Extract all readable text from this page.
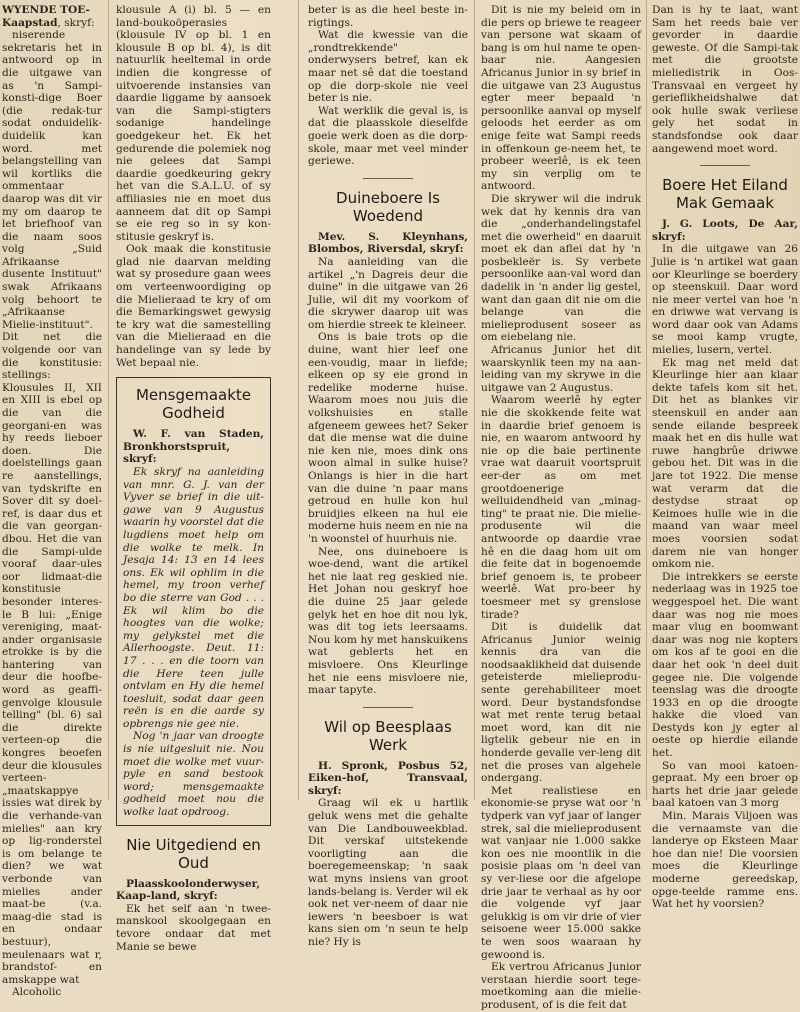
WYENDE TOE-

Kaapstad, skryf:

niserende sekretaris het in antwoord op in die uitgawe van as 'n Sampi-konsti-dige Boer (die redak-tur sodat onduidelik-duidelik kan word. met belangstelling van wil kortliks die ommentaar daarop was dit vir my om daarop te let briefhoof van die naam soos volg „Suid Afrikaanse dusente Instituut" swak Afrikaans volg behoort te „Afrikaanse Mielie-instituut". Dit net die volgende oor van die konstitusie: stellings: Klousules II, XII en XIII is ebel op die van die georgani-en was hy reeds lieboer doen. Die doelstellings gaan re aanstellings, van tydskrifte en Sover dit sy doel-ref, is daar dus et die van georgan-dbou. Het die van die Sampi-ulde vooraf daar-ules oor lidmaat-die konstitusie besonder interes-le B lui: „Enige vereniging, maat-ander organisasie etrokke is by die hantering van deur die hoofbe-word as geaffi-genvolge klousule telling" (bl. 6) sal die direkte verteen-op die kongres beoefen deur die klousules verteen-„maatskappye issies wat direk by die verhande-van mielies" aan kry op lig-ronderstel is om belange te dien? we wat verbonde van mielies ander maat-be (v.a. maag-die stad is en ondaar bestuur), meulenaars wat r, brandstof- en amskappe wat

Alcoholic

klousule A (i) bl. 5 — en land-boukoöperasies (klousule IV op bl. 1 en klousule B op bl. 4), is dit natuurlik heeltemal in orde indien die kongresse of uitvoerende instansies van daardie liggame by aansoek van die Sampi-stigters sodanige handelinge goedgekeur het. Ek het gedurende die polemiek nog nie gelees dat Sampi daardie goedkeuring gekry het van die S.A.L.U. of sy affiliasies nie en moet dus aanneem dat dit op Sampi se eie reg so in sy kon-stitusie geskryf is.

Ook maak die konstitusie glad nie daarvan melding wat sy prosedure gaan wees om verteenwoordiging op die Mielieraad te kry of om die Bemarkingswet gewysig te kry wat die samestelling van die Mielieraad en die handelinge van sy lede by Wet bepaal nie.

Mensgemaakte Godheid

W. F. van Staden, Bronkhorstspruit, skryf:

Ek skryf na aanleiding van mnr. G. J. van der Vyver se brief in die uit-gawe van 9 Augustus waarin hy voorstel dat die lugdiens moet help om die wolke te melk. In Jesaja 14: 13 en 14 lees ons. Ek wil ophlim in die hemel, my troon verhef bo die sterre van God . . . Ek wil klim bo die hoogtes van die wolke; my gelykstel met die Allerhoogste. Deut. 11: 17 . . . en die toorn van die Here teen julle ontvlam en Hy die hemel toesluit, sodat daar geen reën is en die aarde sy opbrengs nie gee nie.

Nog 'n jaar van droogte is nie uitgesluit nie. Nou moet die wolke met vuur-pyle en sand bestook word; mensgemaakte godheid moet nou die wolke laat opdroog.

Nie Uitgediend en Oud

Plaasskoolonderwyser, Kaap-land, skryf:

Ek het self aan 'n twee-manskool skoolgegaan en tevore ondaar dat met Manie se bewe

beter is as die heel beste in-rigtings.

Wat die kwessie van die „rondtrekkende" onderwysers betref, kan ek maar net sê dat die toestand op die dorp-skole nie veel beter is nie.

Wat werklik die geval is, is dat die plaasskole dieselfde goeie werk doen as die dorp-skole, maar met veel minder geriewe.

Duineboere Is Woedend

Mev. S. Kleynhans, Blombos, Riversdal, skryf:

Na aanleiding van die artikel „'n Dagreis deur die duine" in die uitgawe van 26 Julie, wil dit my voorkom of die skrywer daarop uit was om hierdie streek te kleineer.

Ons is baie trots op die duine, want hier leef one een-voudig, maar in liefde; elkeen op sy eie grond in redelike moderne huise. Waarom moes nou juis die volkshuisies en stalle afgeneem gewees het? Seker dat die mense wat die duine nie ken nie, moes dink ons woon almal in sulke huise? Onlangs is hier in die hart van die duine 'n paar mans getroud en hulle kon hul bruidjies elkeen na hul eie moderne huis neem en nie na 'n woonstel of huurhuis nie.

Nee, ons duineboere is woe-dend, want die artikel het nie laat reg geskied nie. Het Johan nou geskryf hoe die duine 25 jaar gelede gelyk het en hoe dit nou lyk, was dit tog iets leersaams. Nou kom hy met hanskuikens wat geblerts het en misvloere. Ons Kleurlinge het nie eens misvloere nie, maar tapyte.

Wil op Beesplaas Werk

H. Spronk, Posbus 52, Eiken-hof, Transvaal, skryf:

Graag wil ek u hartlik geluk wens met die gehalte van Die Landbouweekblad. Dit verskaf uitstekende voorligting aan die boeregemeenskap; 'n saak wat myns insiens van groot lands-belang is. Verder wil ek ook net ver-neem of daar nie iewers 'n beesboer is wat kans sien om 'n seun te help nie? Hy is

Dit is nie my beleid om in die pers op briewe te reageer van persone wat skaam of bang is om hul name te open-baar nie. Aangesien Africanus Junior in sy brief in die uitgawe van 23 Augustus egter meer bepaald 'n persoonlike aanval op myself geloods het eerder as om enige feite wat Sampi reeds in offenkoun ge-neem het, te probeer weerlê, is ek teen my sin verplig om te antwoord.

Die skrywer wil die indruk wek dat hy kennis dra van die „onderhandelingstafel met die owerheid" en daaruit moet ek dan aflei dat hy 'n posbekleër is. Sy verbete persoonlike aan-val word dan dadelik in 'n ander lig gestel, want dan gaan dit nie om die belange van die mielieprodusent soseer as om eiebelang nie.

Africanus Junior het dit waarskynlik teen my na aan-leiding van my skrywe in die uitgawe van 2 Augustus.

Waarom weerlê hy egter nie die skokkende feite wat in daardie brief genoem is nie, en waarom antwoord hy nie op die baie pertinente vrae wat daaruit voortspruit eer-der as om met grootdoenerige welluidendheid van „minag-ting" te praat nie. Die mielie-produsente wil die antwoorde op daardie vrae hê en die daag hom uit om die feite dat in bogenoemde brief genoem is, te probeer weerlê. Wat pro-beer hy toesmeer met sy grenslose tirade?

Dit is duidelik dat Africanus Junior weinig kennis dra van die noodsaaklikheid dat duisende geteisterde mielieprodu-sente gerehabiliteer moet word. Deur bystandsfondse wat met rente terug betaal moet word, kan dit nie ligtelik gebeur nie en in honderde gevalle ver-leng dit net die proses van algehele ondergang.

Met realistiese en ekonomie-se pryse wat oor 'n tydperk van vyf jaar of langer strek, sal die mielieprodusent wat vanjaar nie 1.000 sakke kon oes nie moontlik in die posisie plaas om 'n deel van sy ver-liese oor die afgelope drie jaar te verhaal as hy oor die volgende vyf jaar gelukkig is om vir drie of vier seisoene weer 15.000 sakke te wen soos waaraan hy gewoond is.

Ek vertrou Africanus Junior verstaan hierdie soort tege-moetkoming aan die mielie-produsent, of is die feit dat

Dan is hy te laat, want Sam het reeds baie ver gevorder in daardie geweste. Of die Sampi-tak met die grootste mieliedistrik in Oos-Transvaal en vergeet hy gerieflikheidshalwe dat ook hulle swak verliese gely het sodat in standsfondse ook daar aangewend moet word.

Boere Het Eiland Mak Gemaak

J. G. Loots, De Aar, skryf:

In die uitgawe van 26 Julie is 'n artikel wat gaan oor Kleurlinge se boerdery op steenskuil. Daar word nie meer vertel van hoe 'n en driwwe wat vervang is word daar ook van Adams se mooi kamp vrugte, mielies, lusern, vertel.

Ek mag net meld dat Kleurlinge hier aan klaar dekte tafels kom sit het. Dit het as blankes vir steenskuil en ander aan sende eilande bespreek maak het en dis hulle wat ruwe hangbrûe driwwe gebou het. Dit was in die jare tot 1922. Die mense wat verarm dat die destydse straat op Keimoes hulle wie in die maand van waar meel moes voorsien sodat darem nie van honger omkom nie.

Die intrekkers se eerste nederlaag was in 1925 toe weggespoel het. Die want daar was nog nie moes maar vlug en boomwant daar was nog nie kopters om kos af te gooi en die daar het ook 'n deel duit gegee nie. Die volgende teenslag was die droogte 1933 en op die droogte hakke die vloed van Destyds kon jy egter al oeste op hierdie eilande het.

So van mooi katoen-gepraat. My een broer op harts het drie jaar gelede baal katoen van 3 morg

Min. Marais Viljoen was die vernaamste van die landerye op Eksteen Maar hoe dan nie! Die voorsien moes die Kleurlinge moderne gereedskap, opge-teelde ramme ens. Wat het hy voorsien?
